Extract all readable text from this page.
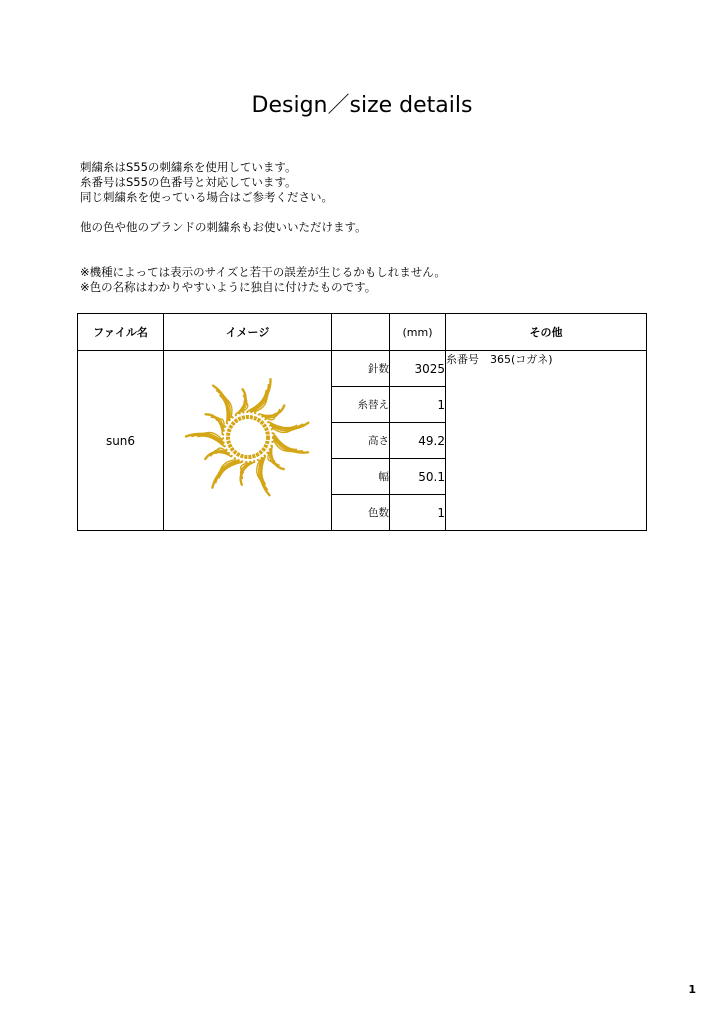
Design／size details

刺繍糸はS55の刺繍糸を使用しています。

糸番号はS55の色番号と対応しています。

同じ刺繍糸を使っている場合はご参考ください。

他の色や他のブランドの刺繍糸もお使いいただけます。

※機種によっては表示のサイズと若干の誤差が生じるかもしれません。

※色の名称はわかりやすいように独自に付けたものです。

ファイル名	イメージ		(mm)	その他
sun6		針数	3025	糸番号　365(コガネ)
		糸替え	1	
		高さ	49.2	
		幅	50.1	
		色数	1	
1
